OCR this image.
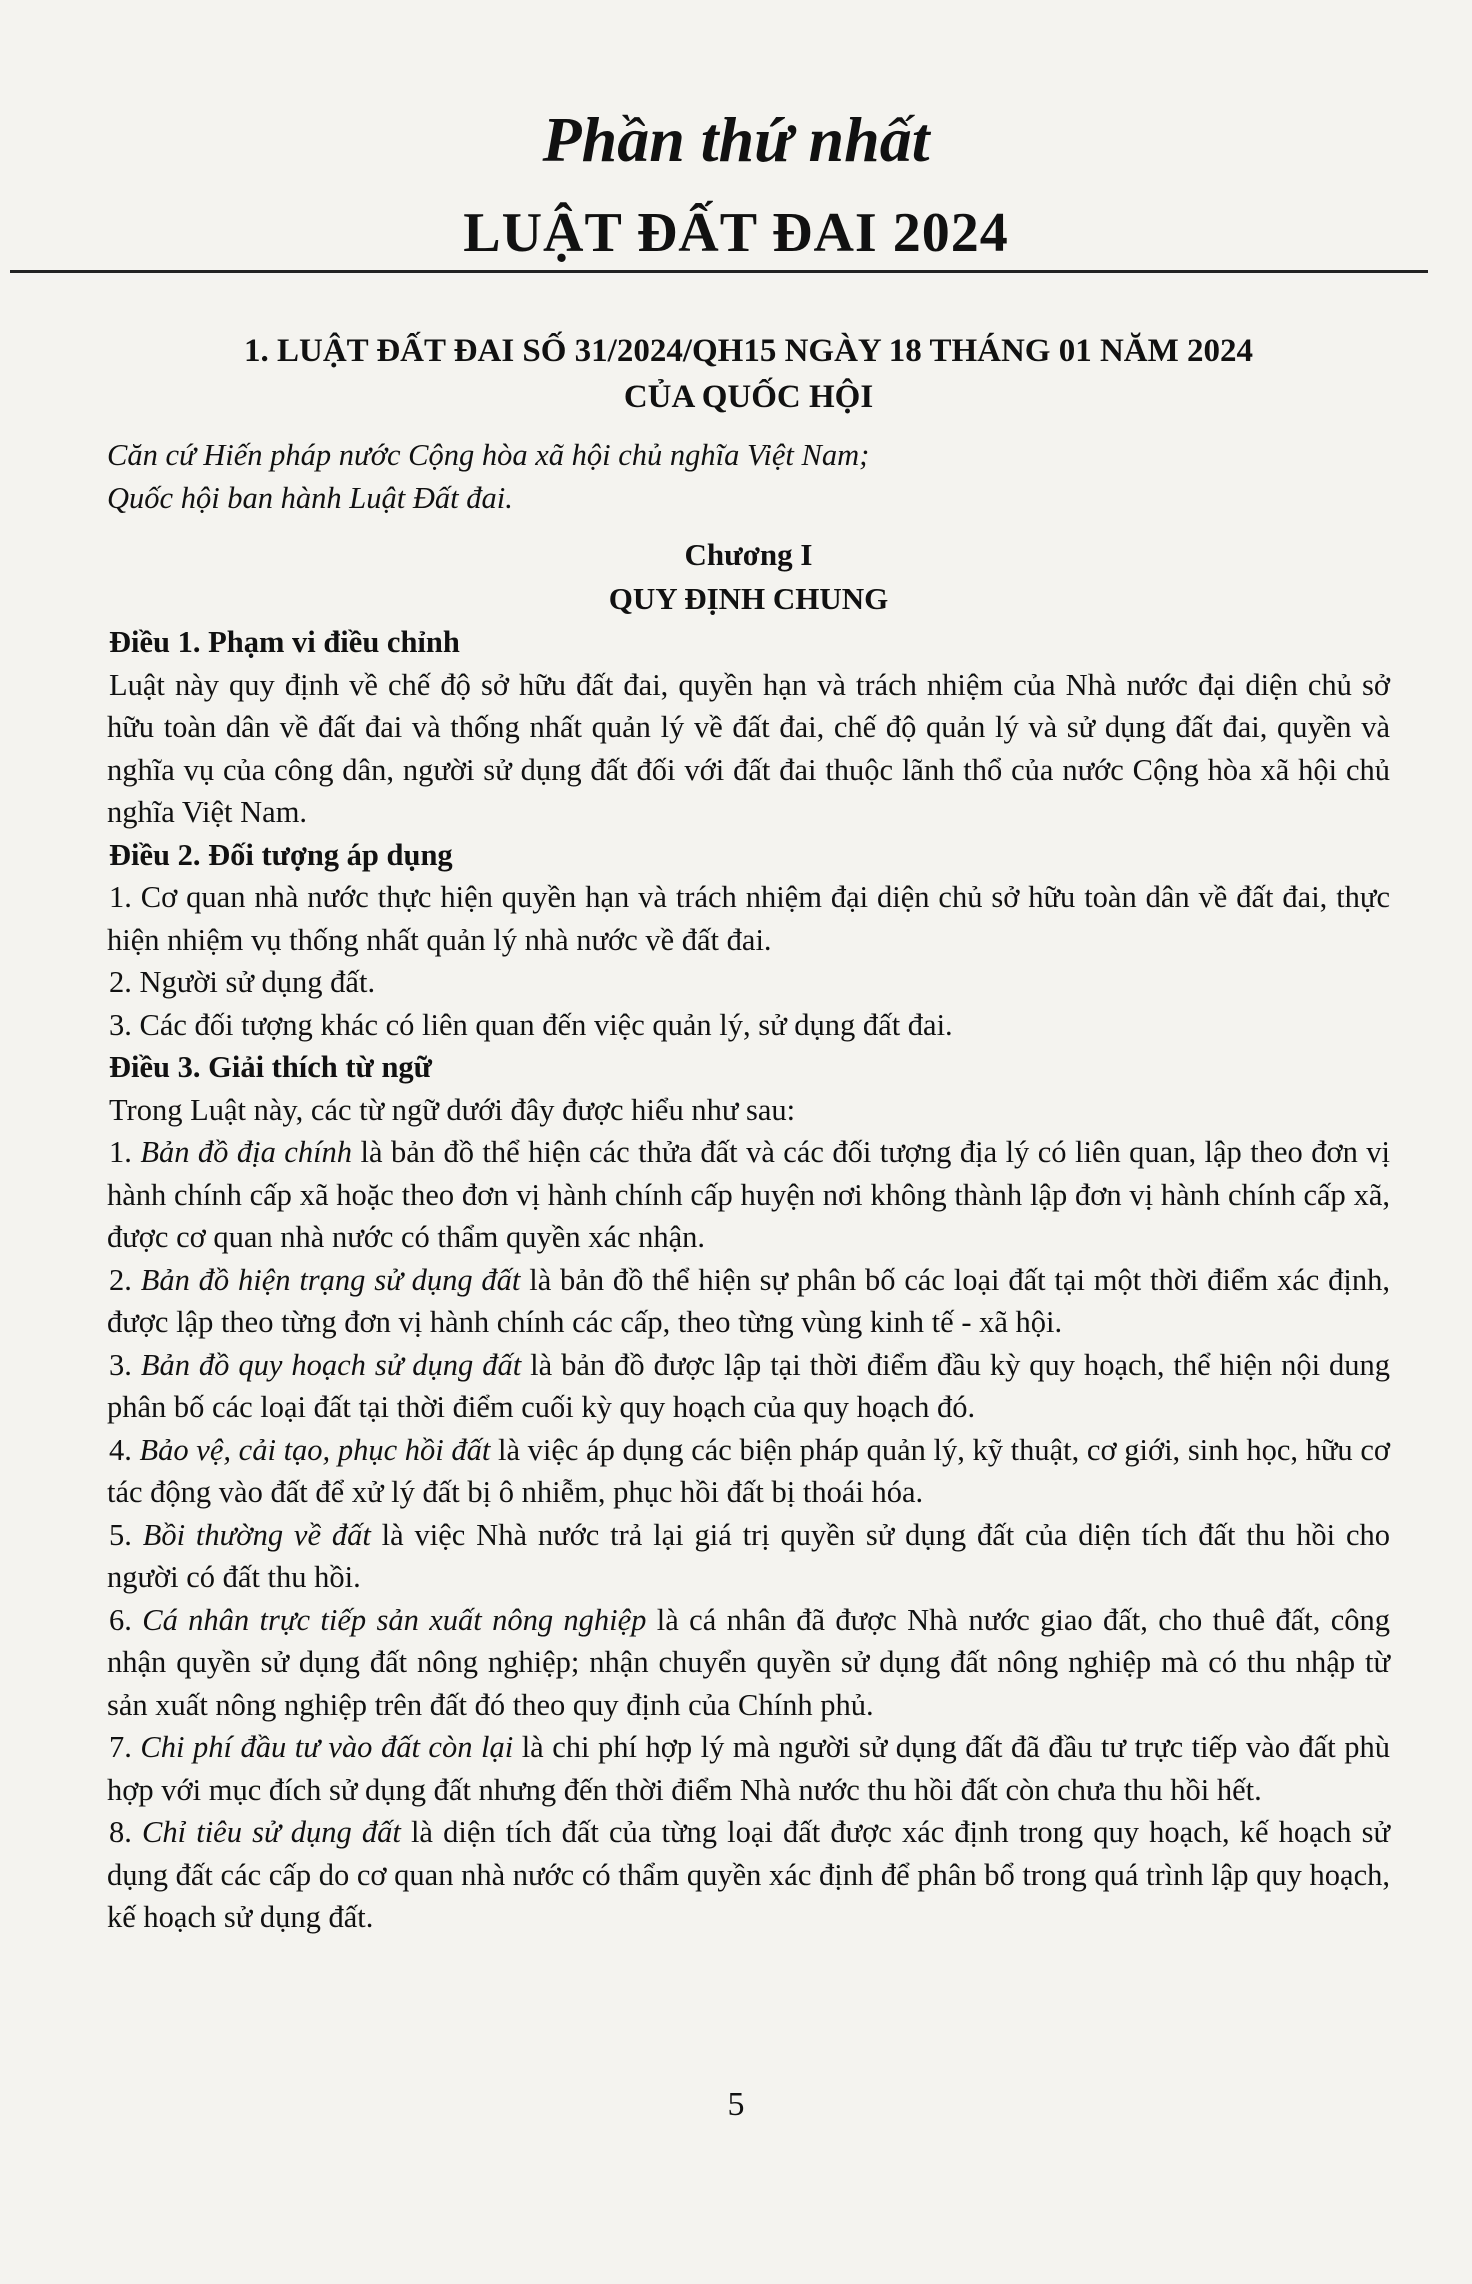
Phần thứ nhất
LUẬT ĐẤT ĐAI 2024

1. LUẬT ĐẤT ĐAI SỐ 31/2024/QH15 NGÀY 18 THÁNG 01 NĂM 2024

CỦA QUỐC HỘI

Căn cứ Hiến pháp nước Cộng hòa xã hội chủ nghĩa Việt Nam;

Quốc hội ban hành Luật Đất đai.

Chương I

QUY ĐỊNH CHUNG

Điều 1. Phạm vi điều chỉnh

Luật này quy định về chế độ sở hữu đất đai, quyền hạn và trách nhiệm của Nhà nước đại diện chủ sở hữu toàn dân về đất đai và thống nhất quản lý về đất đai, chế độ quản lý và sử dụng đất đai, quyền và nghĩa vụ của công dân, người sử dụng đất đối với đất đai thuộc lãnh thổ của nước Cộng hòa xã hội chủ nghĩa Việt Nam.

Điều 2. Đối tượng áp dụng

1. Cơ quan nhà nước thực hiện quyền hạn và trách nhiệm đại diện chủ sở hữu toàn dân về đất đai, thực hiện nhiệm vụ thống nhất quản lý nhà nước về đất đai.

2. Người sử dụng đất.

3. Các đối tượng khác có liên quan đến việc quản lý, sử dụng đất đai.

Điều 3. Giải thích từ ngữ

Trong Luật này, các từ ngữ dưới đây được hiểu như sau:

1. Bản đồ địa chính là bản đồ thể hiện các thửa đất và các đối tượng địa lý có liên quan, lập theo đơn vị hành chính cấp xã hoặc theo đơn vị hành chính cấp huyện nơi không thành lập đơn vị hành chính cấp xã, được cơ quan nhà nước có thẩm quyền xác nhận.

2. Bản đồ hiện trạng sử dụng đất là bản đồ thể hiện sự phân bố các loại đất tại một thời điểm xác định, được lập theo từng đơn vị hành chính các cấp, theo từng vùng kinh tế - xã hội.

3. Bản đồ quy hoạch sử dụng đất là bản đồ được lập tại thời điểm đầu kỳ quy hoạch, thể hiện nội dung phân bố các loại đất tại thời điểm cuối kỳ quy hoạch của quy hoạch đó.

4. Bảo vệ, cải tạo, phục hồi đất là việc áp dụng các biện pháp quản lý, kỹ thuật, cơ giới, sinh học, hữu cơ tác động vào đất để xử lý đất bị ô nhiễm, phục hồi đất bị thoái hóa.

5. Bồi thường về đất là việc Nhà nước trả lại giá trị quyền sử dụng đất của diện tích đất thu hồi cho người có đất thu hồi.

6. Cá nhân trực tiếp sản xuất nông nghiệp là cá nhân đã được Nhà nước giao đất, cho thuê đất, công nhận quyền sử dụng đất nông nghiệp; nhận chuyển quyền sử dụng đất nông nghiệp mà có thu nhập từ sản xuất nông nghiệp trên đất đó theo quy định của Chính phủ.

7. Chi phí đầu tư vào đất còn lại là chi phí hợp lý mà người sử dụng đất đã đầu tư trực tiếp vào đất phù hợp với mục đích sử dụng đất nhưng đến thời điểm Nhà nước thu hồi đất còn chưa thu hồi hết.

8. Chỉ tiêu sử dụng đất là diện tích đất của từng loại đất được xác định trong quy hoạch, kế hoạch sử dụng đất các cấp do cơ quan nhà nước có thẩm quyền xác định để phân bổ trong quá trình lập quy hoạch, kế hoạch sử dụng đất.

5
